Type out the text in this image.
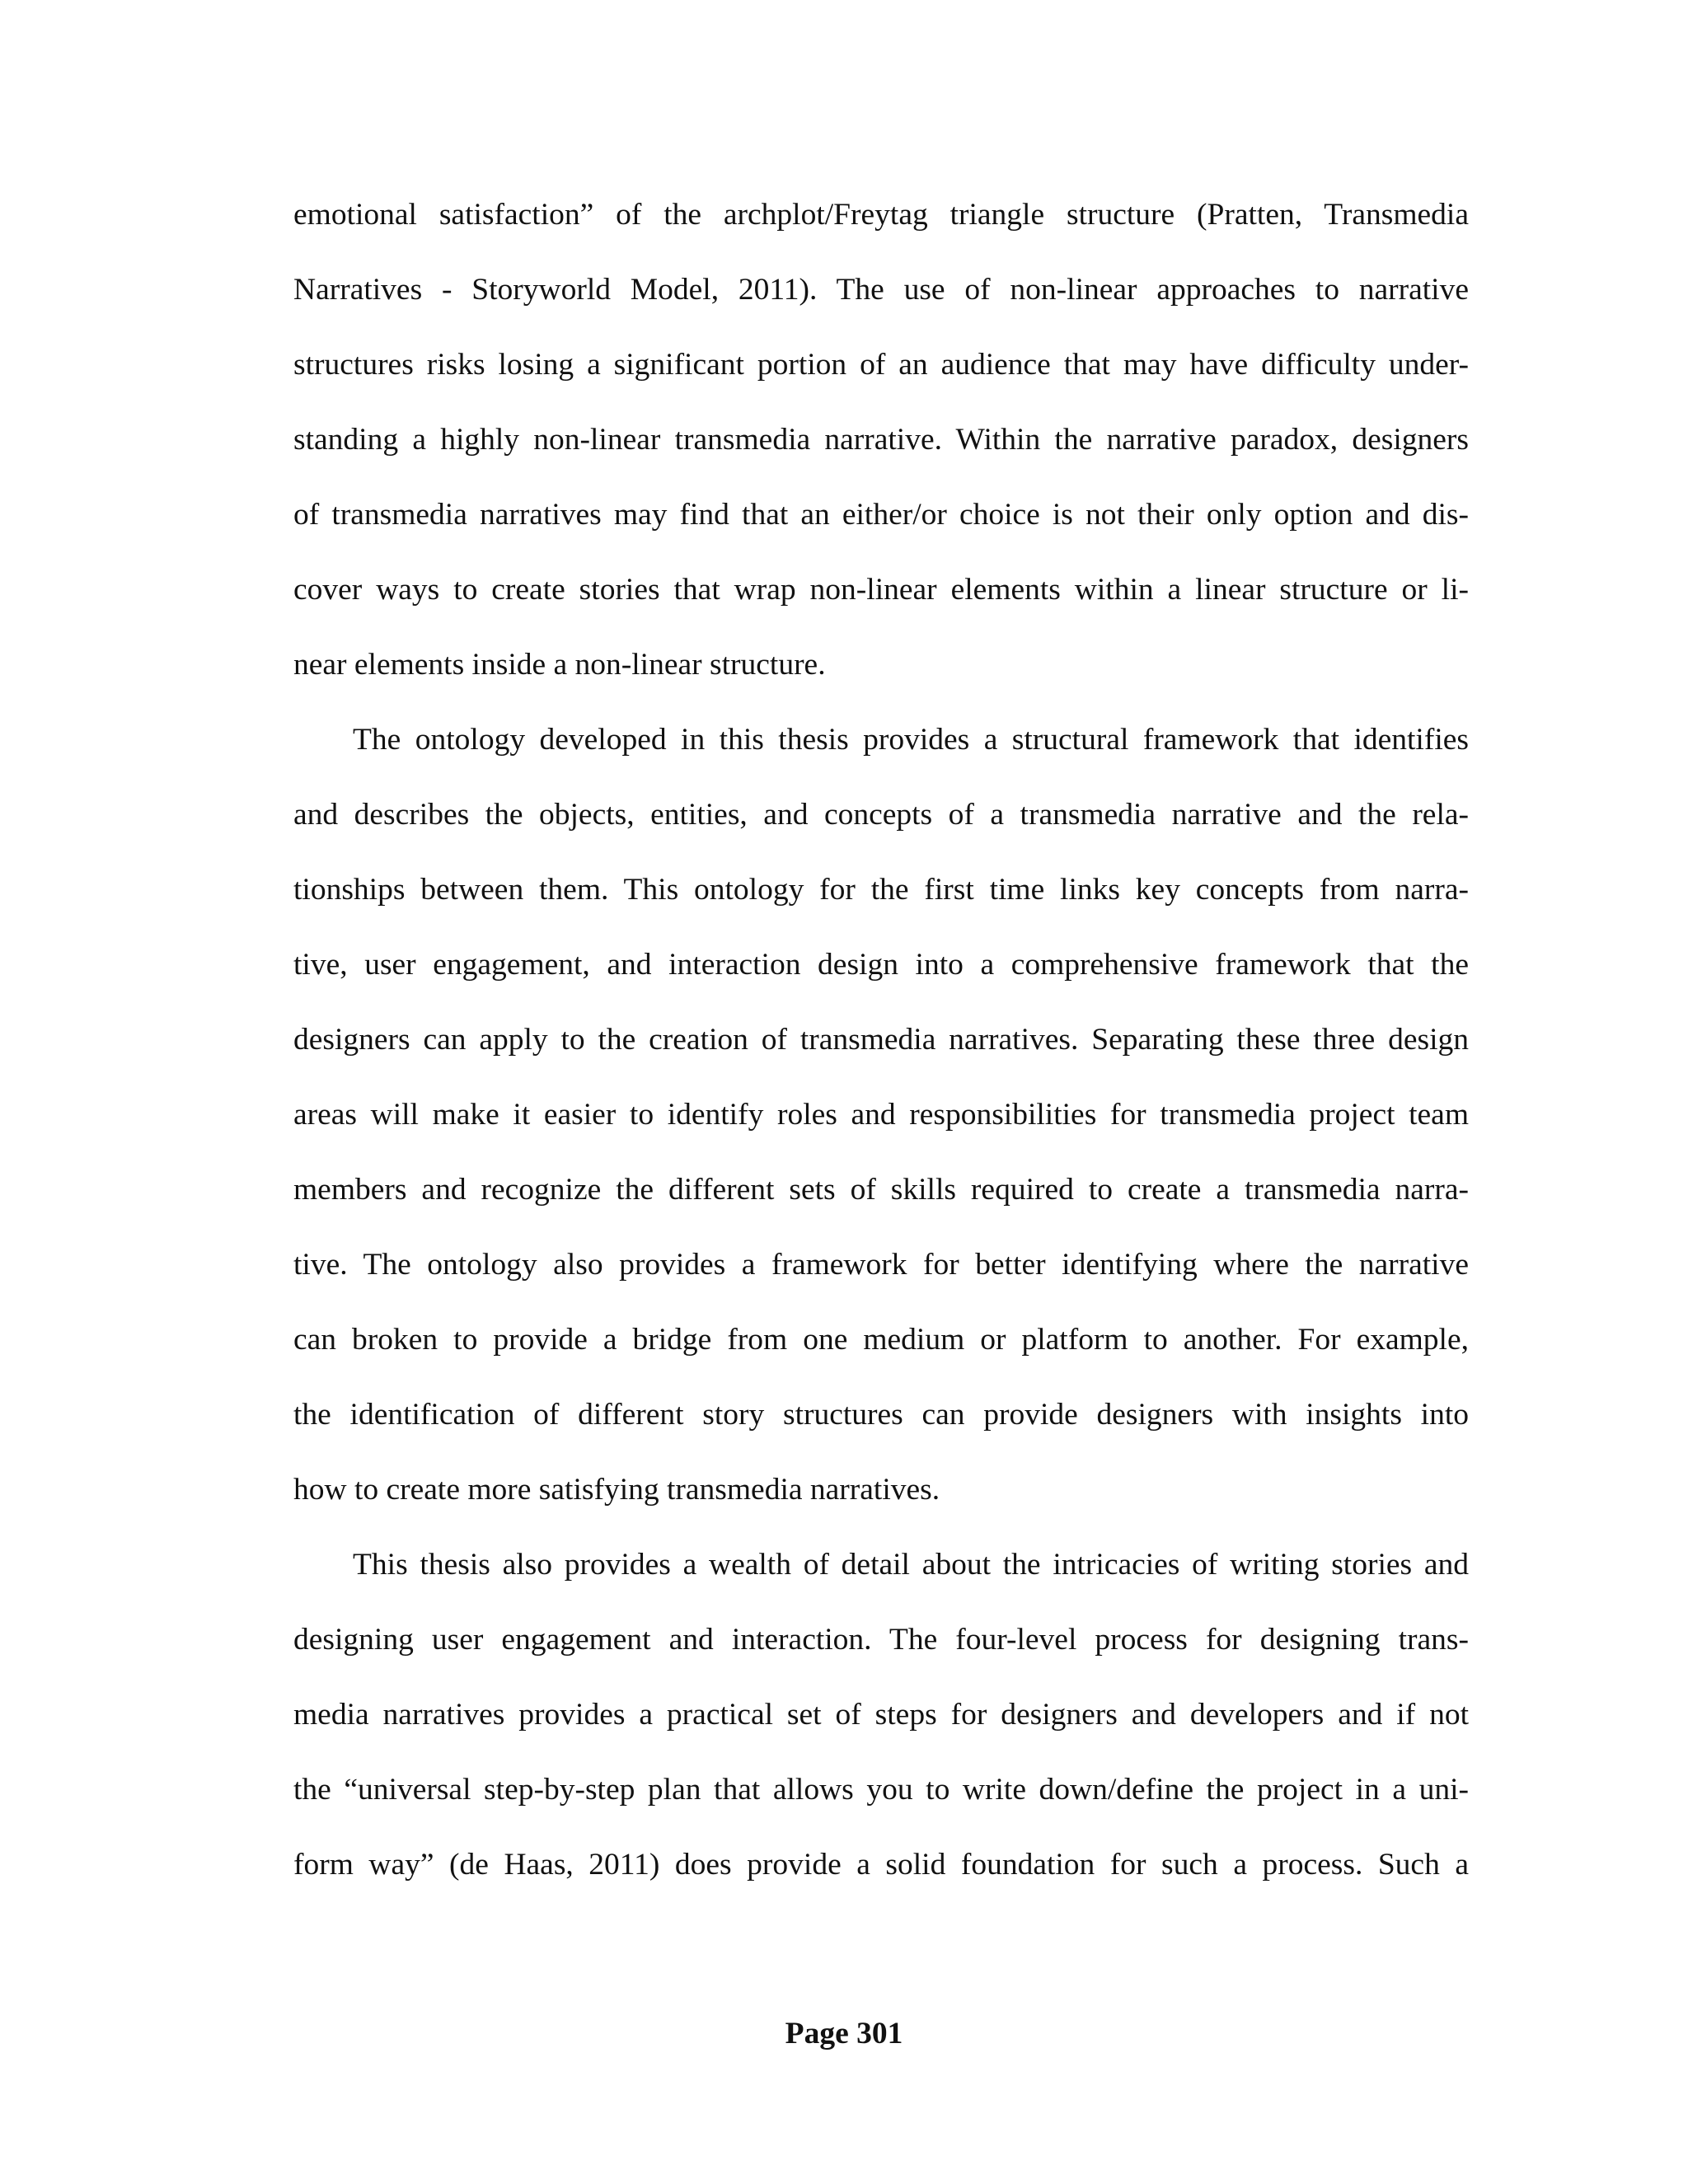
emotional satisfaction” of the archplot/Freytag triangle structure (Pratten, Transmedia
Narratives - Storyworld Model, 2011). The use of non-linear approaches to narrative
structures risks losing a significant portion of an audience that may have difficulty under-
standing a highly non-linear transmedia narrative. Within the narrative paradox, designers
of transmedia narratives may find that an either/or choice is not their only option and dis-
cover ways to create stories that wrap non-linear elements within a linear structure or li-
near elements inside a non-linear structure.
The ontology developed in this thesis provides a structural framework that identifies
and describes the objects, entities, and concepts of a transmedia narrative and the rela-
tionships between them. This ontology for the first time links key concepts from narra-
tive, user engagement, and interaction design into a comprehensive framework that the
designers can apply to the creation of transmedia narratives. Separating these three design
areas will make it easier to identify roles and responsibilities for transmedia project team
members and recognize the different sets of skills required to create a transmedia narra-
tive. The ontology also provides a framework for better identifying where the narrative
can broken to provide a bridge from one medium or platform to another. For example,
the identification of different story structures can provide designers with insights into
how to create more satisfying transmedia narratives.
This thesis also provides a wealth of detail about the intricacies of writing stories and
designing user engagement and interaction. The four-level process for designing trans-
media narratives provides a practical set of steps for designers and developers and if not
the “universal step-by-step plan that allows you to write down/define the project in a uni-
form way” (de Haas, 2011) does provide a solid foundation for such a process. Such a
Page 301
